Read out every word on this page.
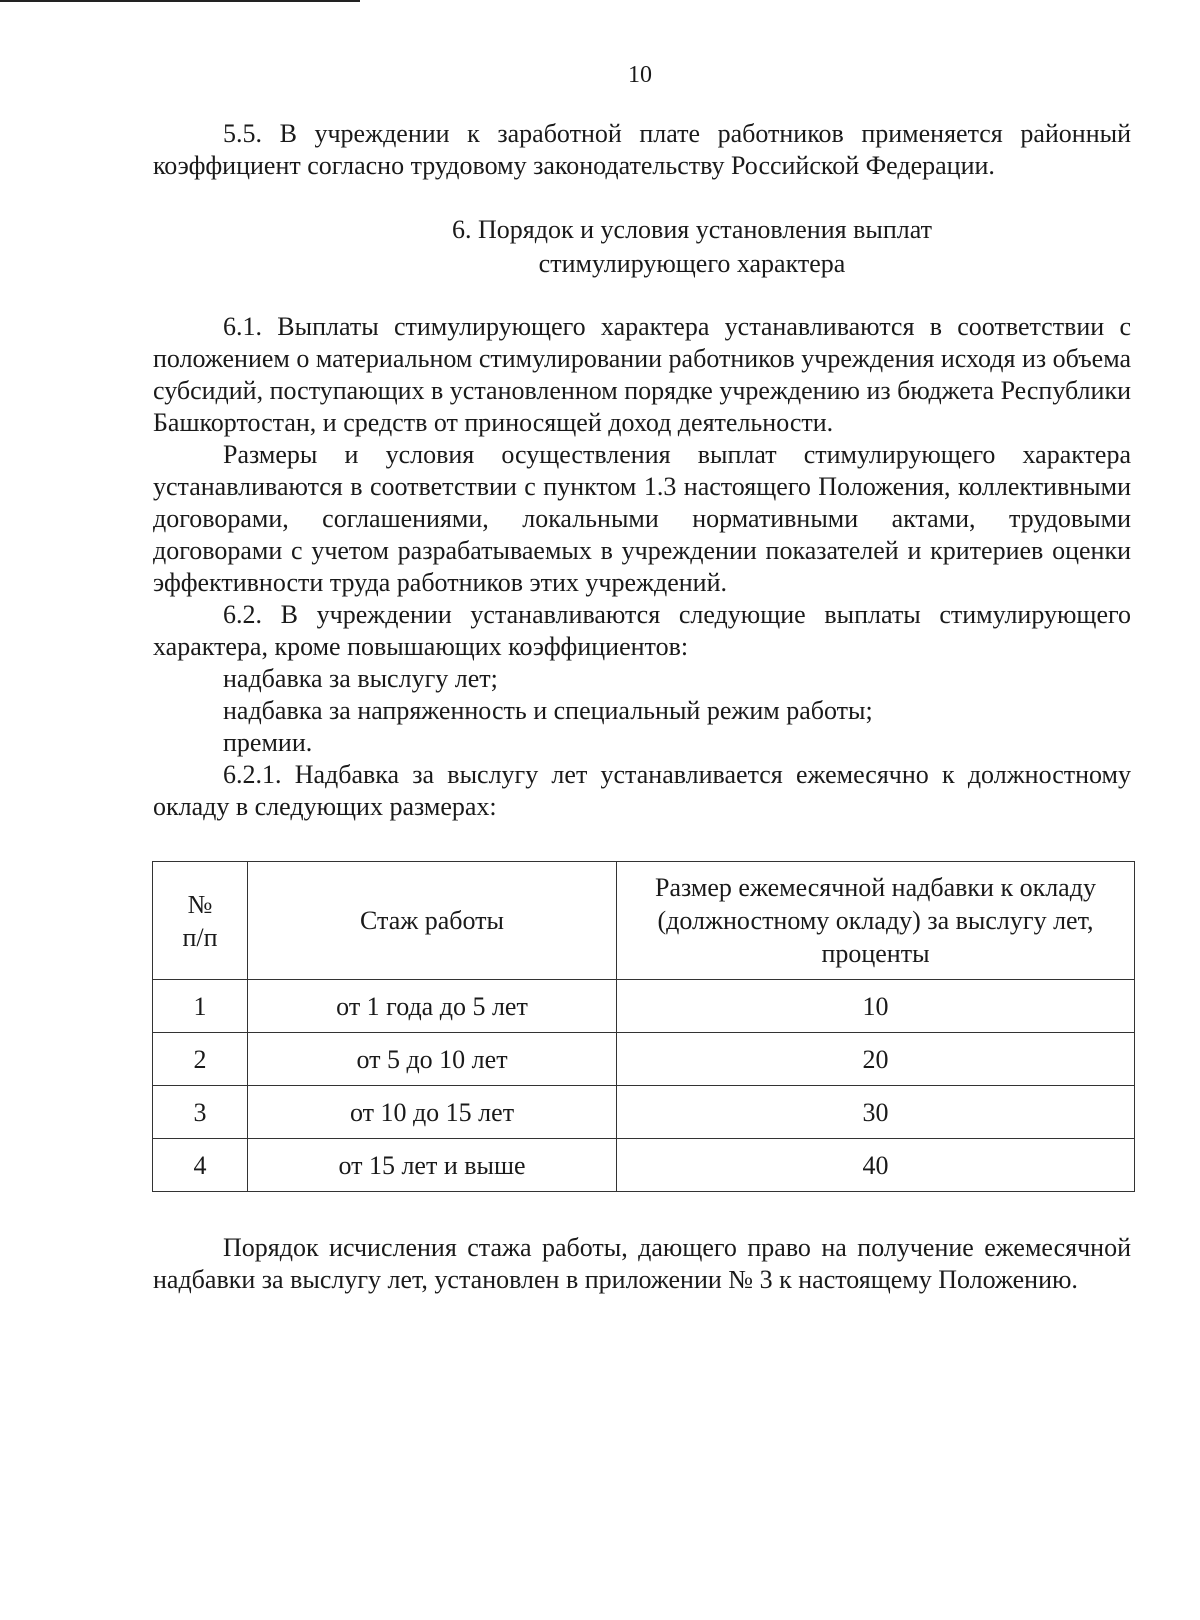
10

5.5. В учреждении к заработной плате работников применяется районный коэффициент согласно трудовому законодательству Российской Федерации.

6. Порядок и условия установления выплат
стимулирующего характера

6.1. Выплаты стимулирующего характера устанавливаются в соответствии с положением о материальном стимулировании работников учреждения исходя из объема субсидий, поступающих в установленном порядке учреждению из бюджета Республики Башкортостан, и средств от приносящей доход деятельности.

Размеры и условия осуществления выплат стимулирующего характера устанавливаются в соответствии с пунктом 1.3 настоящего Положения, коллективными договорами, соглашениями, локальными нормативными актами, трудовыми договорами с учетом разрабатываемых в учреждении показателей и критериев оценки эффективности труда работников этих учреждений.

6.2. В учреждении устанавливаются следующие выплаты стимулирующего характера, кроме повышающих коэффициентов:

надбавка за выслугу лет;

надбавка за напряженность и специальный режим работы;

премии.

6.2.1. Надбавка за выслугу лет устанавливается ежемесячно к должностному окладу в следующих размерах:

№
п/п	Стаж работы	Размер ежемесячной надбавки к окладу (должностному окладу) за выслугу лет, проценты
1	от 1 года до 5 лет	10
2	от 5 до 10 лет	20
3	от 10 до 15 лет	30
4	от 15 лет и выше	40

Порядок исчисления стажа работы, дающего право на получение ежемесячной надбавки за выслугу лет, установлен в приложении № 3 к настоящему Положению.
